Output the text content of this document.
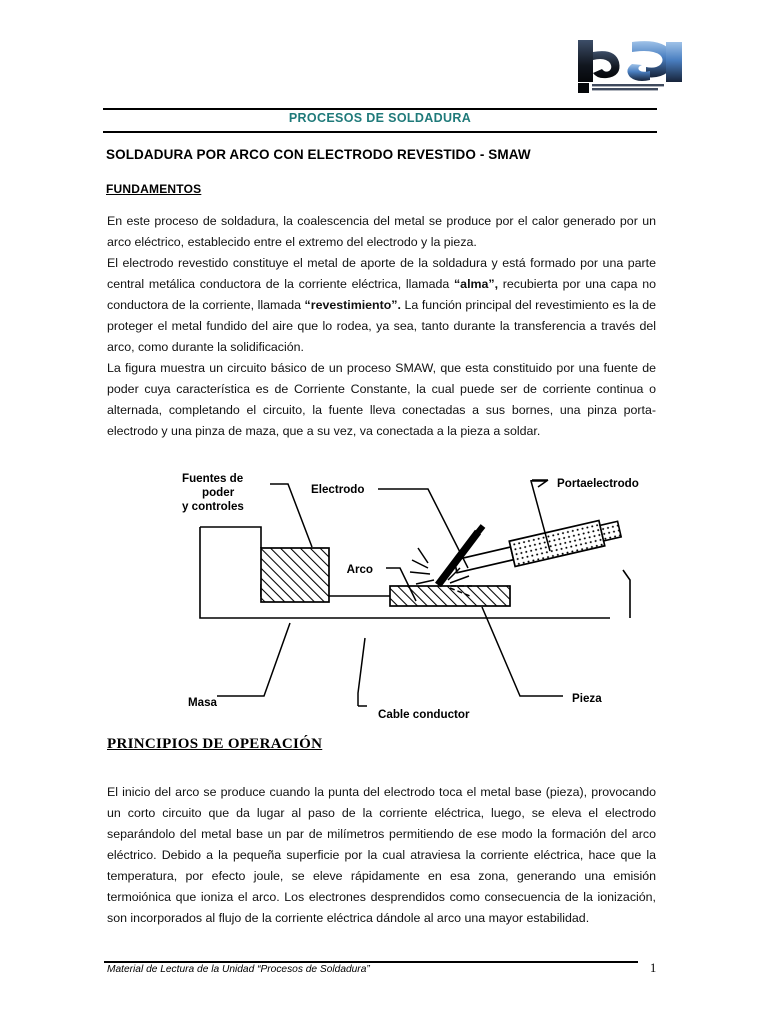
PROCESOS DE SOLDADURA
SOLDADURA POR ARCO CON ELECTRODO REVESTIDO - SMAW
FUNDAMENTOS

En este proceso de soldadura, la coalescencia del metal se produce por el calor generado por un arco eléctrico, establecido entre el extremo del electrodo y la pieza.

El electrodo revestido constituye el metal de aporte de la soldadura y está formado por una parte central metálica conductora de la corriente eléctrica, llamada “alma”, recubierta por una capa no conductora de la corriente, llamada “revestimiento”. La función principal del revestimiento es la de proteger el metal fundido del aire que lo rodea, ya sea, tanto durante la transferencia a través del arco, como durante la solidificación.

La figura muestra un circuito básico de un proceso SMAW, que esta constituido por una fuente de poder cuya característica es de Corriente Constante, la cual puede ser de corriente continua o alternada, completando el circuito, la fuente lleva conectadas a sus bornes, una pinza porta-electrodo y una pinza de maza, que a su vez, va conectada a la pieza a soldar.

Fuentes de
poder
y controles
Electrodo	Portaelectrodo
Arco
Masa
Cable conductor
Pieza
PRINCIPIOS DE OPERACIÓN

El inicio del arco se produce cuando la punta del electrodo toca el metal base (pieza), provocando un corto circuito que da lugar al paso de la corriente eléctrica, luego, se eleva el electrodo separándolo del metal base un par de milímetros permitiendo de ese modo la formación del arco eléctrico. Debido a la pequeña superficie por la cual atraviesa la corriente eléctrica, hace que la temperatura, por efecto joule, se eleve rápidamente en esa zona, generando una emisión termoiónica que ioniza el arco. Los electrones desprendidos como consecuencia de la ionización, son incorporados al flujo de la corriente eléctrica dándole al arco una mayor estabilidad.

Material de Lectura de la Unidad “Procesos de Soldadura”	1
